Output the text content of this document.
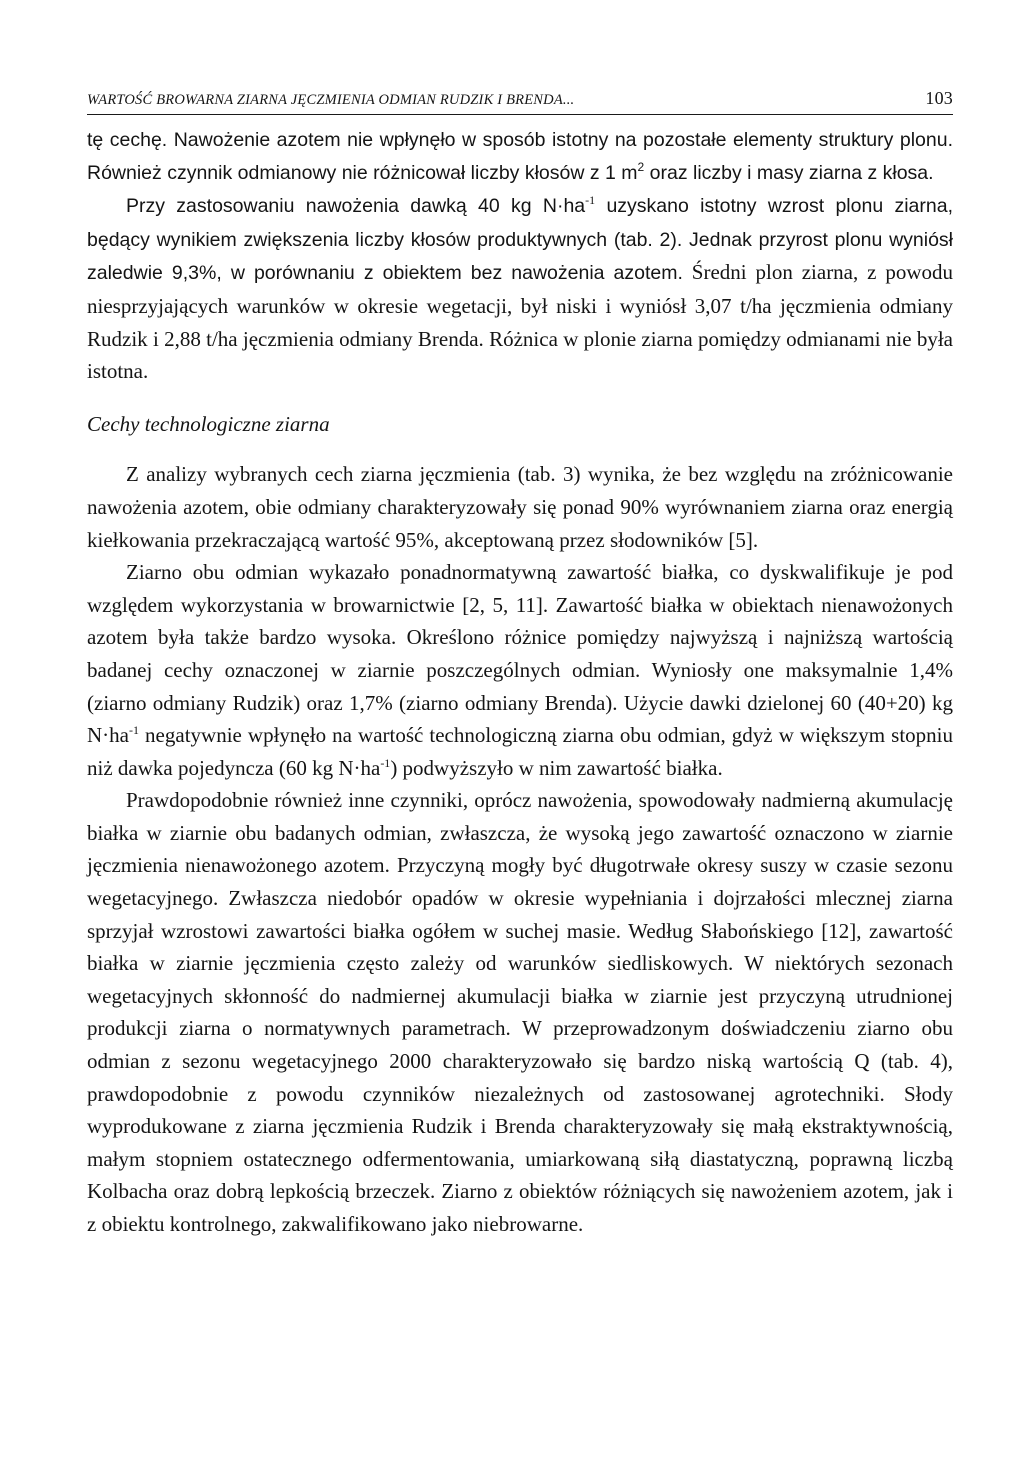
WARTOŚĆ BROWARNA ZIARNA JĘCZMIENIA ODMIAN RUDZIK I BRENDA...	103

tę cechę. Nawożenie azotem nie wpłynęło w sposób istotny na pozostałe elementy struktury plonu. Również czynnik odmianowy nie różnicował liczby kłosów z 1 $m^2$ oraz liczby i masy ziarna z kłosa.

Przy zastosowaniu nawożenia dawką 40 kg $N\cdot ha^{-1}$ uzyskano istotny wzrost plonu ziarna, będący wynikiem zwiększenia liczby kłosów produktywnych (tab. 2). Jednak przyrost plonu wyniósł zaledwie 9,3%, w porównaniu z obiektem bez nawożenia azotem. Średni plon ziarna, z powodu niesprzyjających warunków w okresie wegetacji, był niski i wyniósł 3,07 t/ha jęczmienia odmiany Rudzik i 2,88 t/ha jęczmienia odmiany Brenda. Różnica w plonie ziarna pomiędzy odmianami nie była istotna.

Cechy technologiczne ziarna

Z analizy wybranych cech ziarna jęczmienia (tab. 3) wynika, że bez względu na zróżnicowanie nawożenia azotem, obie odmiany charakteryzowały się ponad 90% wyrównaniem ziarna oraz energią kiełkowania przekraczającą wartość 95%, akceptowaną przez słodowników [5].

Ziarno obu odmian wykazało ponadnormatywną zawartość białka, co dyskwalifikuje je pod względem wykorzystania w browarnictwie [2, 5, 11]. Zawartość białka w obiektach nienawożonych azotem była także bardzo wysoka. Określono różnice pomiędzy najwyższą i najniższą wartością badanej cechy oznaczonej w ziarnie poszczególnych odmian. Wyniosły one maksymalnie 1,4% (ziarno odmiany Rudzik) oraz 1,7% (ziarno odmiany Brenda). Użycie dawki dzielonej 60 (40+20) kg $N\cdot ha^{-1}$ negatywnie wpłynęło na wartość technologiczną ziarna obu odmian, gdyż w większym stopniu niż dawka pojedyncza (60 kg $N\cdot ha^{-1}$) podwyższyło w nim zawartość białka.

Prawdopodobnie również inne czynniki, oprócz nawożenia, spowodowały nadmierną akumulację białka w ziarnie obu badanych odmian, zwłaszcza, że wysoką jego zawartość oznaczono w ziarnie jęczmienia nienawożonego azotem. Przyczyną mogły być długotrwałe okresy suszy w czasie sezonu wegetacyjnego. Zwłaszcza niedobór opadów w okresie wypełniania i dojrzałości mlecznej ziarna sprzyjał wzrostowi zawartości białka ogółem w suchej masie. Według Słabońskiego [12], zawartość białka w ziarnie jęczmienia często zależy od warunków siedliskowych. W niektórych sezonach wegetacyjnych skłonność do nadmiernej akumulacji białka w ziarnie jest przyczyną utrudnionej produkcji ziarna o normatywnych parametrach. W przeprowadzonym doświadczeniu ziarno obu odmian z sezonu wegetacyjnego 2000 charakteryzowało się bardzo niską wartością Q (tab. 4), prawdopodobnie z powodu czynników niezależnych od zastosowanej agrotechniki. Słody wyprodukowane z ziarna jęczmienia Rudzik i Brenda charakteryzowały się małą ekstraktywnością, małym stopniem ostatecznego odfermentowania, umiarkowaną siłą diastatyczną, poprawną liczbą Kolbacha oraz dobrą lepkością brzeczek. Ziarno z obiektów różniących się nawożeniem azotem, jak i z obiektu kontrolnego, zakwalifikowano jako niebrowarne.
